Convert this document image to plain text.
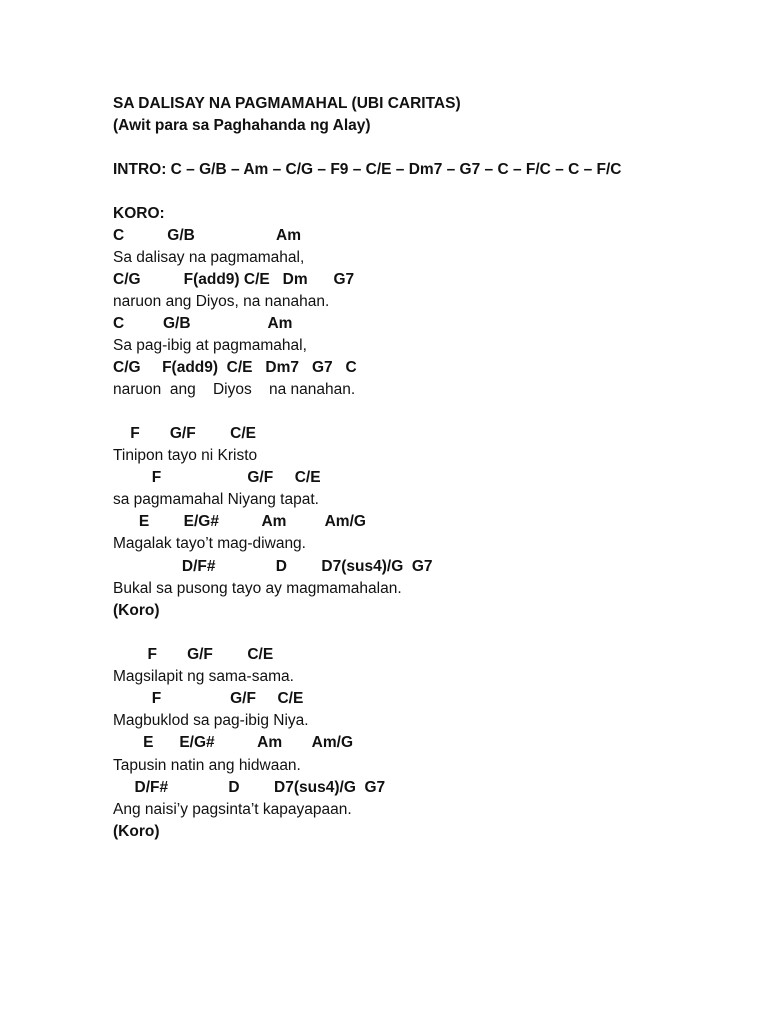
SA DALISAY NA PAGMAMAHAL (UBI CARITAS)
(Awit para sa Paghahanda ng Alay)
INTRO: C – G/B – Am – C/G – F9 – C/E – Dm7 – G7 – C – F/C – C – F/C
KORO:
C          G/B                   Am
Sa dalisay na pagmamahal,
C/G          F(add9) C/E   Dm      G7
naruon ang Diyos, na nanahan.
C         G/B                  Am
Sa pag-ibig at pagmamahal,
C/G     F(add9)  C/E   Dm7   G7   C
naruon  ang    Diyos    na nanahan.
F       G/F        C/E
Tinipon tayo ni Kristo
F                    G/F     C/E
sa pagmamahal Niyang tapat.
E        E/G#          Am         Am/G
Magalak tayo’t mag-diwang.
D/F#              D        D7(sus4)/G  G7
Bukal sa pusong tayo ay magmamahalan.
(Koro)
F       G/F        C/E
Magsilapit ng sama-sama.
F                G/F     C/E
Magbuklod sa pag-ibig Niya.
E      E/G#          Am       Am/G
Tapusin natin ang hidwaan.
D/F#              D        D7(sus4)/G  G7
Ang naisi’y pagsinta’t kapayapaan.
(Koro)
